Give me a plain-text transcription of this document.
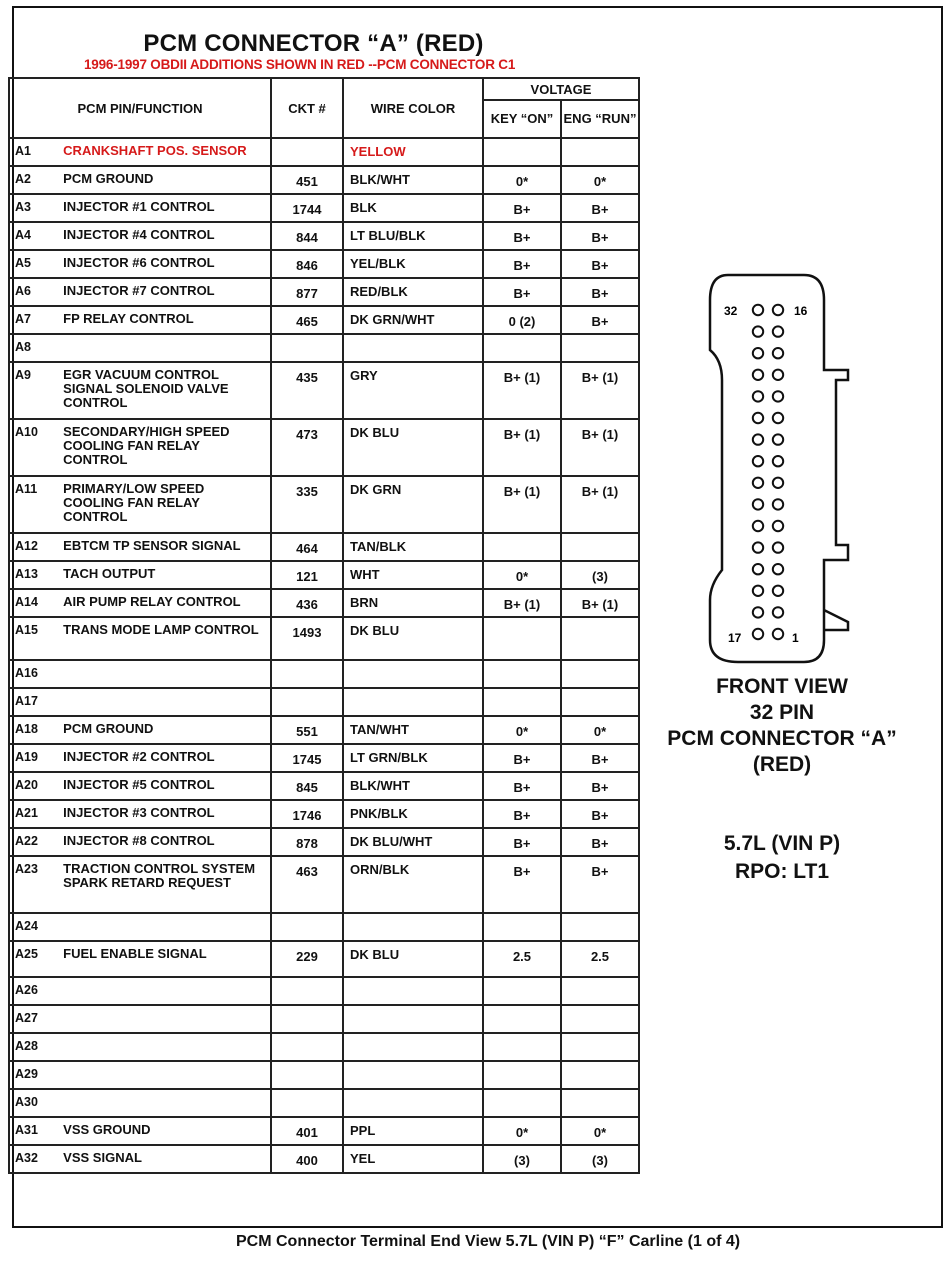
PCM CONNECTOR “A” (RED)
1996-1997 OBDII ADDITIONS SHOWN IN RED --PCM CONNECTOR C1
PCM PIN/FUNCTION		CKT #	WIRE COLOR	VOLTAGE	
				KEY “ON”	ENG “RUN”
A1	CRANKSHAFT POS. SENSOR		YELLOW		
A2	PCM GROUND	451	BLK/WHT	0*	0*
A3	INJECTOR #1 CONTROL	1744	BLK	B+	B+
A4	INJECTOR #4 CONTROL	844	LT BLU/BLK	B+	B+
A5	INJECTOR #6 CONTROL	846	YEL/BLK	B+	B+
A6	INJECTOR #7 CONTROL	877	RED/BLK	B+	B+
A7	FP RELAY CONTROL	465	DK GRN/WHT	0 (2)	B+
A8					
A9	EGR VACUUM CONTROL SIGNAL SOLENOID VALVE CONTROL	435	GRY	B+ (1)	B+ (1)
A10	SECONDARY/HIGH SPEED COOLING FAN RELAY CONTROL	473	DK BLU	B+ (1)	B+ (1)
A11	PRIMARY/LOW SPEED COOLING FAN RELAY CONTROL	335	DK GRN	B+ (1)	B+ (1)
A12	EBTCM TP SENSOR SIGNAL	464	TAN/BLK		
A13	TACH OUTPUT	121	WHT	0*	(3)
A14	AIR PUMP RELAY CONTROL	436	BRN	B+ (1)	B+ (1)
A15	TRANS MODE LAMP CONTROL	1493	DK BLU		
A16					
A17					
A18	PCM GROUND	551	TAN/WHT	0*	0*
A19	INJECTOR #2 CONTROL	1745	LT GRN/BLK	B+	B+
A20	INJECTOR #5 CONTROL	845	BLK/WHT	B+	B+
A21	INJECTOR #3 CONTROL	1746	PNK/BLK	B+	B+
A22	INJECTOR #8 CONTROL	878	DK BLU/WHT	B+	B+
A23	TRACTION CONTROL SYSTEM SPARK RETARD REQUEST	463	ORN/BLK	B+	B+
A24					
A25	FUEL ENABLE SIGNAL	229	DK BLU	2.5	2.5
A26					
A27					
A28					
A29					
A30					
A31	VSS GROUND	401	PPL	0*	0*
A32	VSS SIGNAL	400	YEL	(3)	(3)
32	16
17	1
FRONT VIEW
32 PIN
PCM CONNECTOR “A”
(RED)
5.7L (VIN P)
RPO: LT1
PCM Connector Terminal End View 5.7L (VIN P) “F” Carline (1 of 4)
